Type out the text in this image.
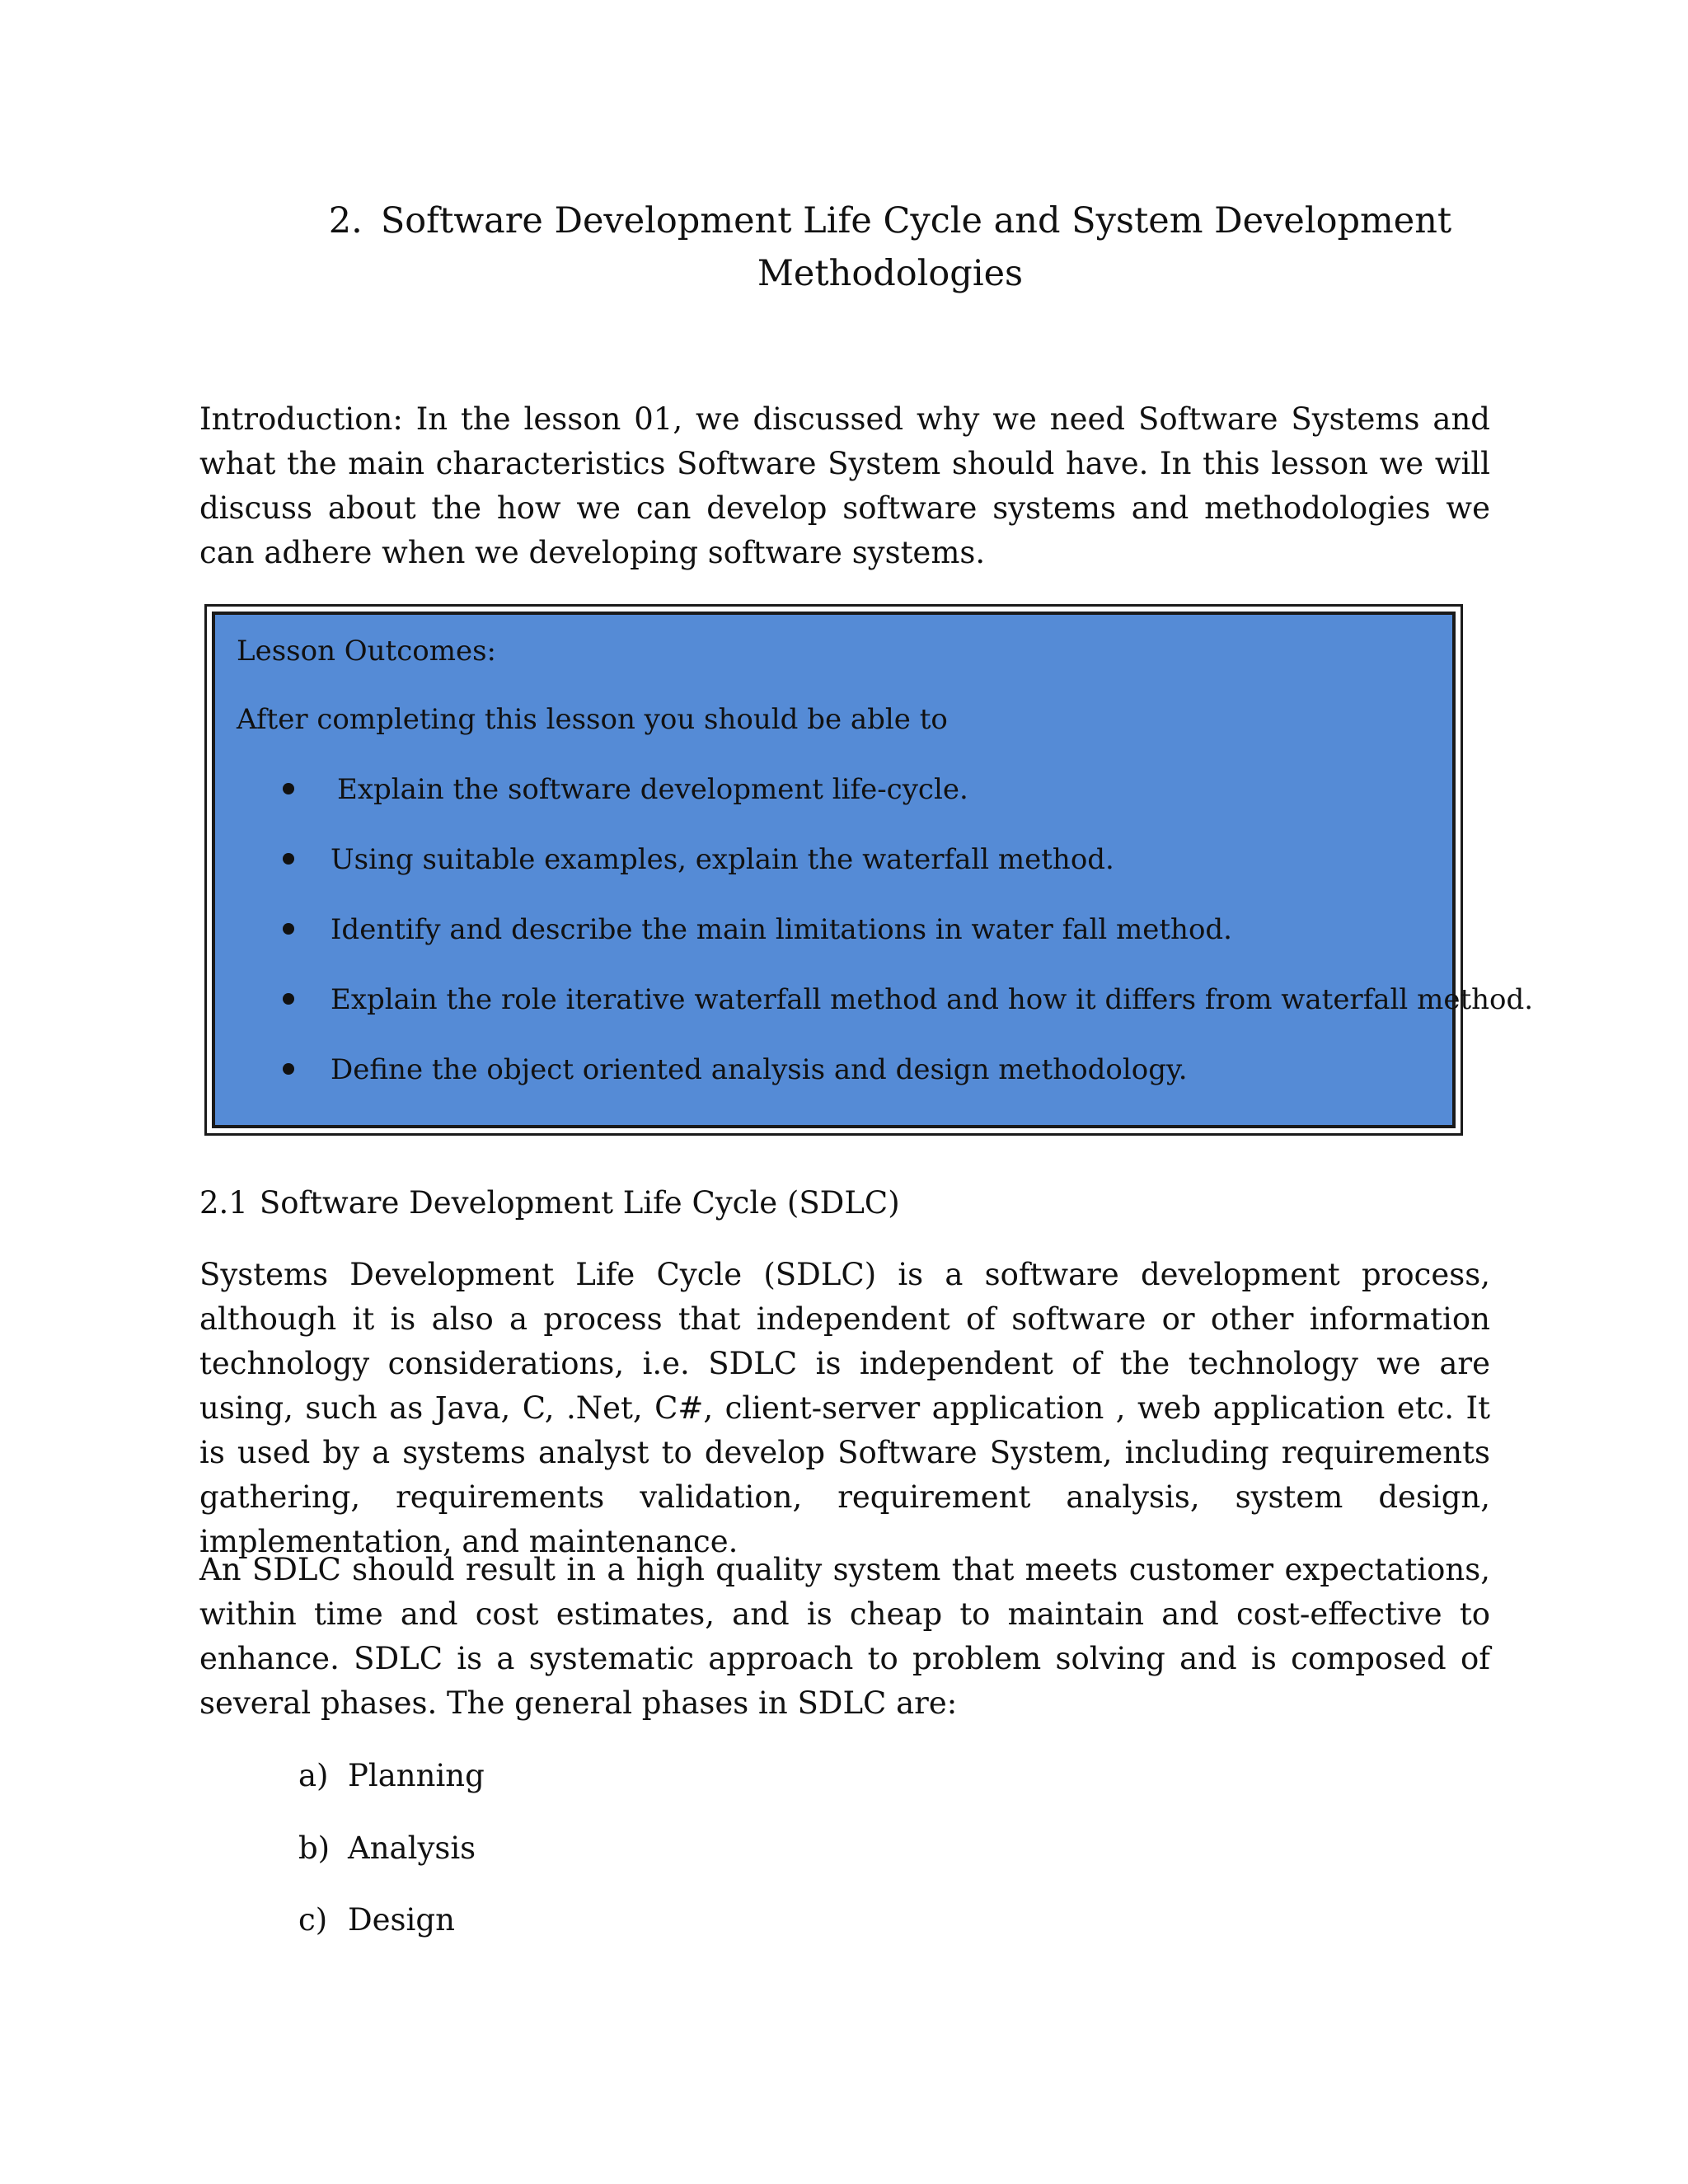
2. Software Development Life Cycle and System Development
Methodologies

Introduction: In the lesson 01, we discussed why we need Software Systems and what the main characteristics Software System should have. In this lesson we will discuss about the how we can develop software systems and methodologies we can adhere when we developing software systems.

Lesson Outcomes:
After completing this lesson you should be able to
Explain the software development life-cycle.
Using suitable examples, explain the waterfall method.
Identify and describe the main limitations in water fall method.
Explain the role iterative waterfall method and how it differs from waterfall method.
Define the object oriented analysis and design methodology.
2.1 Software Development Life Cycle (SDLC)

Systems Development Life Cycle (SDLC) is a software development process, although it is also a process that independent of software or other information technology considerations, i.e. SDLC is independent of the technology we are using, such as Java, C, .Net, C#, client-server application , web application etc. It is used by a systems analyst to develop Software System, including requirements gathering, requirements validation, requirement analysis, system design, implementation, and maintenance.

An SDLC should result in a high quality system that meets customer expectations, within time and cost estimates, and is cheap to maintain and cost-effective to enhance. SDLC is a systematic approach to problem solving and is composed of several phases. The general phases in SDLC are:

a) Planning
b) Analysis
c) Design
